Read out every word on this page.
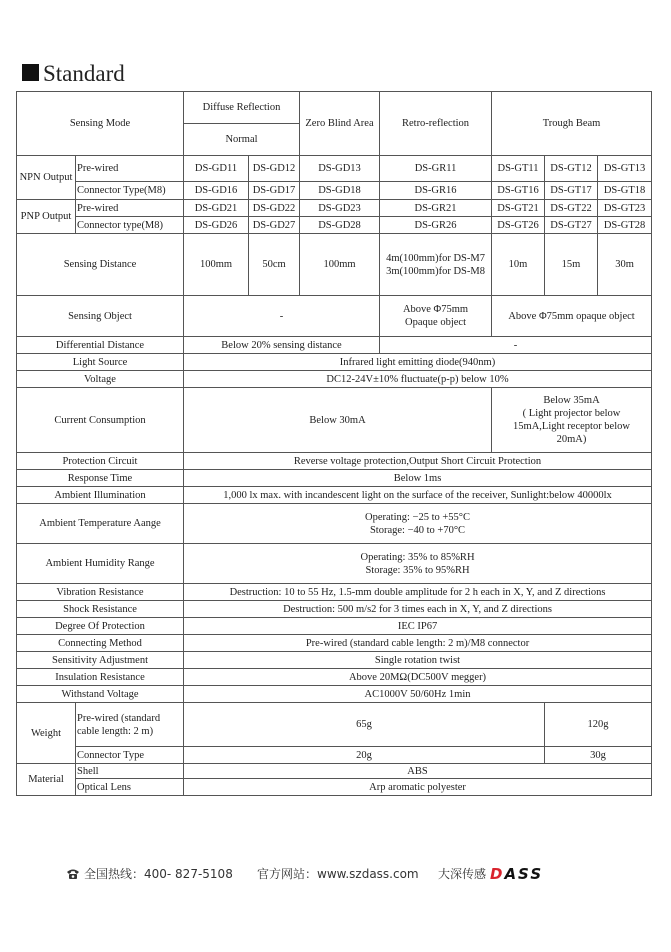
Standard
Sensing Mode		Diffuse Reflection		Zero Blind Area	Retro-reflection	Trough Beam		
		Normal						
NPN Output	Pre-wired	DS-GD11	DS-GD12	DS-GD13	DS-GR11	DS-GT11	DS-GT12	DS-GT13
	Connector Type(M8)	DS-GD16	DS-GD17	DS-GD18	DS-GR16	DS-GT16	DS-GT17	DS-GT18
PNP Output	Pre-wired	DS-GD21	DS-GD22	DS-GD23	DS-GR21	DS-GT21	DS-GT22	DS-GT23
	Connector type(M8)	DS-GD26	DS-GD27	DS-GD28	DS-GR26	DS-GT26	DS-GT27	DS-GT28
Sensing Distance		100mm	50cm	100mm	4m(100mm)for DS-M7
3m(100mm)for DS-M8	10m	15m	30m
Sensing Object		-			Above Φ75mm
Opaque object	Above Φ75mm opaque object		
Differential Distance		Below 20% sensing distance			-			
Light Source		Infrared light emitting diode(940nm)						
Voltage		DC12-24V±10% fluctuate(p-p) below 10%						
Current Consumption		Below 30mA				Below 35mA
( Light projector below
15mA,Light receptor below
20mA)		

Protection Circuit		Reverse voltage protection,Output Short Circuit Protection						
Response Time		Below 1ms						
Ambient Illumination		1,000 lx max. with incandescent light on the surface of the receiver, Sunlight:below 40000lx						
Ambient Temperature Aange		Operating: −25 to +55°C
Storage: −40 to +70°C						

Ambient Humidity Range		Operating: 35% to 85%RH
Storage: 35% to 95%RH						

Vibration Resistance		Destruction: 10 to 55 Hz, 1.5-mm double amplitude for 2 h each in X, Y, and Z directions						
Shock Resistance		Destruction: 500 m/s2 for 3 times each in X, Y, and Z directions						
Degree Of Protection		IEC IP67						
Connecting Method		Pre-wired (standard cable length: 2 m)/M8 connector						
Sensitivity Adjustment		Single rotation twist						
Insulation Resistance		Above 20MΩ(DC500V megger)						
Withstand Voltage		AC1000V 50/60Hz 1min						
Weight	Pre-wired (standard
cable length: 2 m)	65g					120g	
	Connector Type	20g					30g	
Material	Shell	ABS						
	Optical Lens	Arp aromatic polyester						
全国热线：400- 827-5108 官方网站：www.szdass.com 大深传感 DASS
